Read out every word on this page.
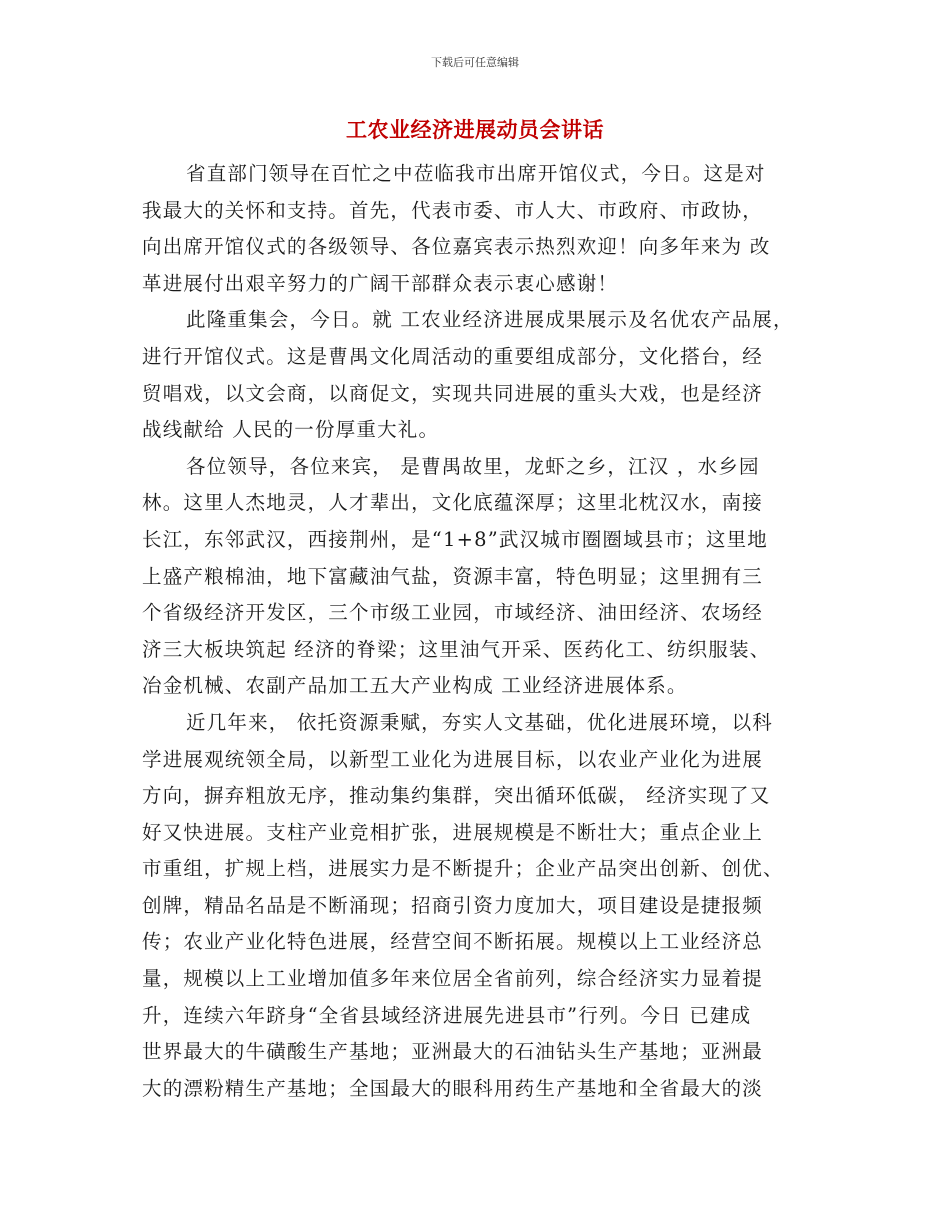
下载后可任意编辑
工农业经济进展动员会讲话
省直部门领导在百忙之中莅临我市出席开馆仪式，今日。这是对
我最大的关怀和支持。首先，代表市委、市人大、市政府、市政协，
向出席开馆仪式的各级领导、各位嘉宾表示热烈欢迎！向多年来为 改
革进展付出艰辛努力的广阔干部群众表示衷心感谢！
此隆重集会，今日。就 工农业经济进展成果展示及名优农产品展，
进行开馆仪式。这是曹禺文化周活动的重要组成部分，文化搭台，经
贸唱戏，以文会商，以商促文，实现共同进展的重头大戏，也是经济
战线献给 人民的一份厚重大礼。
各位领导，各位来宾， 是曹禺故里，龙虾之乡，江汉 ，水乡园
林。这里人杰地灵，人才辈出，文化底蕴深厚；这里北枕汉水，南接
长江，东邻武汉，西接荆州，是“1+8”武汉城市圈圈域县市；这里地
上盛产粮棉油，地下富藏油气盐，资源丰富，特色明显；这里拥有三
个省级经济开发区，三个市级工业园，市域经济、油田经济、农场经
济三大板块筑起 经济的脊梁；这里油气开采、医药化工、纺织服装、
冶金机械、农副产品加工五大产业构成 工业经济进展体系。
近几年来， 依托资源秉赋，夯实人文基础，优化进展环境，以科
学进展观统领全局，以新型工业化为进展目标，以农业产业化为进展
方向，摒弃粗放无序，推动集约集群，突出循环低碳， 经济实现了又
好又快进展。支柱产业竞相扩张，进展规模是不断壮大；重点企业上
市重组，扩规上档，进展实力是不断提升；企业产品突出创新、创优、
创牌，精品名品是不断涌现；招商引资力度加大，项目建设是捷报频
传；农业产业化特色进展，经营空间不断拓展。规模以上工业经济总
量，规模以上工业增加值多年来位居全省前列，综合经济实力显着提
升，连续六年跻身“全省县域经济进展先进县市”行列。今日 已建成
世界最大的牛磺酸生产基地；亚洲最大的石油钻头生产基地；亚洲最
大的漂粉精生产基地；全国最大的眼科用药生产基地和全省最大的淡
